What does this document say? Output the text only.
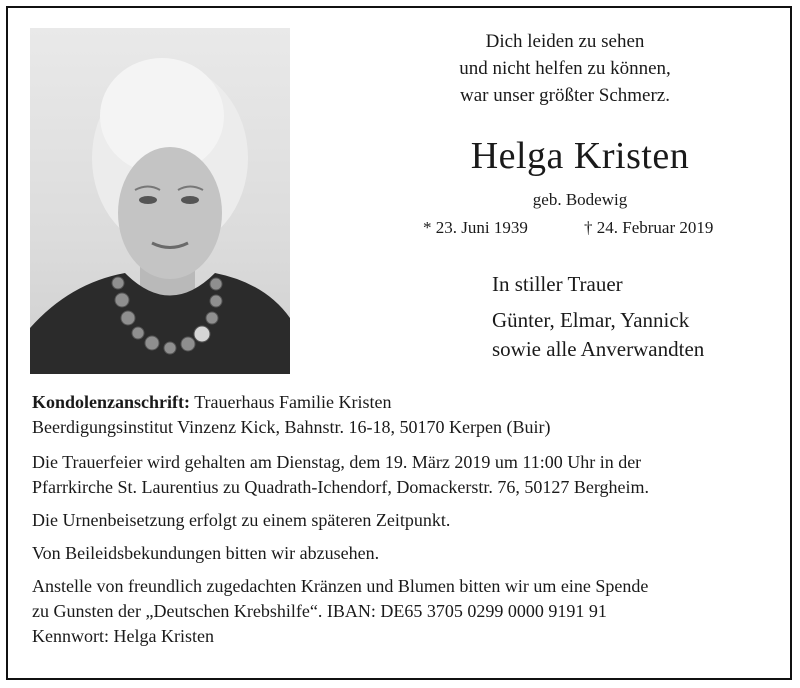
Dich leiden zu sehen
und nicht helfen zu können,
war unser größter Schmerz.
Helga Kristen
geb. Bodewig
* 23. Juni 1939	† 24. Februar 2019
In stiller Trauer
Günter, Elmar, Yannick
sowie alle Anverwandten

Kondolenzanschrift: Trauerhaus Familie Kristen

Beerdigungsinstitut Vinzenz Kick, Bahnstr. 16-18, 50170 Kerpen (Buir)

Die Trauerfeier wird gehalten am Dienstag, dem 19. März 2019 um 11:00 Uhr in der

Pfarrkirche St. Laurentius zu Quadrath-Ichendorf, Domackerstr. 76, 50127 Bergheim.

Die Urnenbeisetzung erfolgt zu einem späteren Zeitpunkt.

Von Beileidsbekundungen bitten wir abzusehen.

Anstelle von freundlich zugedachten Kränzen und Blumen bitten wir um eine Spende

zu Gunsten der „Deutschen Krebshilfe“. IBAN: DE65 3705 0299 0000 9191 91

Kennwort: Helga Kristen
